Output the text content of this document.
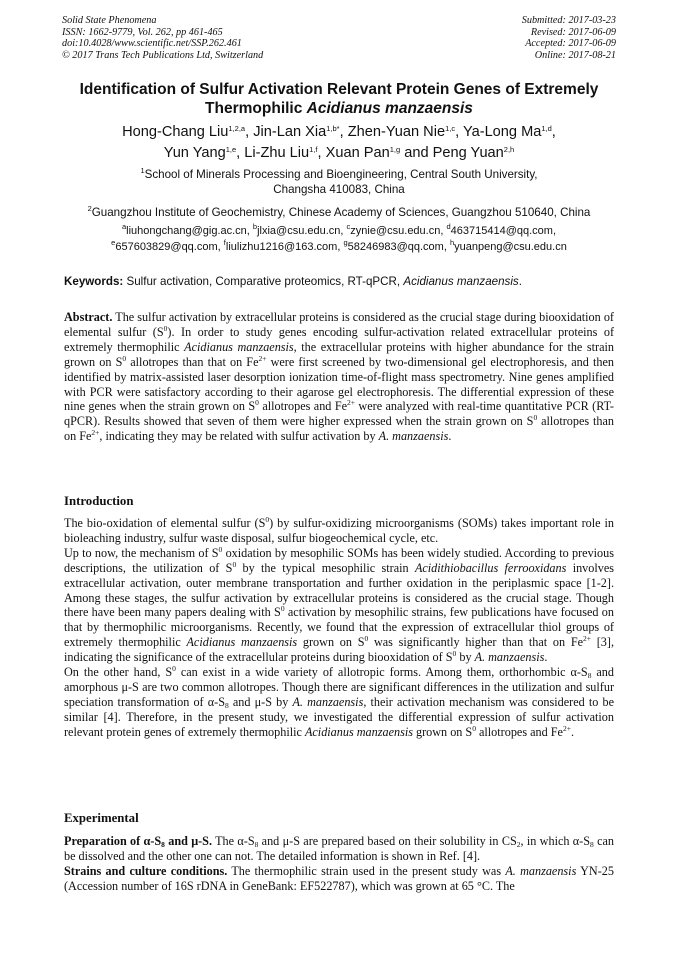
Solid State Phenomena
ISSN: 1662-9779, Vol. 262, pp 461-465
doi:10.4028/www.scientific.net/SSP.262.461
© 2017 Trans Tech Publications Ltd, Switzerland
Submitted: 2017-03-23
Revised: 2017-06-09
Accepted: 2017-06-09
Online: 2017-08-21
Identification of Sulfur Activation Relevant Protein Genes of Extremely
Thermophilic Acidianus manzaensis
Hong-Chang Liu$^{1,2,a}$, Jin-Lan Xia$^{1,b*}$, Zhen-Yuan Nie$^{1,c}$, Ya-Long Ma$^{1,d}$,
Yun Yang$^{1,e}$, Li-Zhu Liu$^{1,f}$, Xuan Pan$^{1,g}$ and Peng Yuan$^{2,h}$
$^1$School of Minerals Processing and Bioengineering, Central South University,
Changsha 410083, China
$^2$Guangzhou Institute of Geochemistry, Chinese Academy of Sciences, Guangzhou 510640, China
$^a$liuhongchang@gig.ac.cn, $^b$jlxia@csu.edu.cn, $^c$zynie@csu.edu.cn, $^d$463715414@qq.com,
$^e$657603829@qq.com, $^f$liulizhu1216@163.com, $^g$58246983@qq.com, $^h$yuanpeng@csu.edu.cn
Keywords: Sulfur activation, Comparative proteomics, RT-qPCR, Acidianus manzaensis.

Abstract. The sulfur activation by extracellular proteins is considered as the crucial stage during biooxidation of elemental sulfur $(S^0)$. In order to study genes encoding sulfur-activation related extracellular proteins of extremely thermophilic Acidianus manzaensis, the extracellular proteins with higher abundance for the strain grown on $S^0$ allotropes than that on $Fe^{2+}$ were first screened by two-dimensional gel electrophoresis, and then identified by matrix-assisted laser desorption ionization time-of-flight mass spectrometry. Nine genes amplified with PCR were satisfactory according to their agarose gel electrophoresis. The differential expression of these nine genes when the strain grown on $S^0$ allotropes and $Fe^{2+}$ were analyzed with real-time quantitative PCR (RT-qPCR). Results showed that seven of them were higher expressed when the strain grown on $S^0$ allotropes than on $Fe^{2+}$, indicating they may be related with sulfur activation by A. manzaensis.

Introduction

The bio-oxidation of elemental sulfur $(S^0)$ by sulfur-oxidizing microorganisms (SOMs) takes important role in bioleaching industry, sulfur waste disposal, sulfur biogeochemical cycle, etc.

Up to now, the mechanism of $S^0$ oxidation by mesophilic SOMs has been widely studied. According to previous descriptions, the utilization of $S^0$ by the typical mesophilic strain Acidithiobacillus ferrooxidans involves extracellular activation, outer membrane transportation and further oxidation in the periplasmic space [1-2]. Among these stages, the sulfur activation by extracellular proteins is considered as the crucial stage. Though there have been many papers dealing with $S^0$ activation by mesophilic strains, few publications have focused on that by thermophilic microorganisms. Recently, we found that the expression of extracellular thiol groups of extremely thermophilic Acidianus manzaensis grown on $S^0$ was significantly higher than that on $Fe^{2+}$ [3], indicating the significance of the extracellular proteins during biooxidation of $S^0$ by A. manzaensis.

On the other hand, $S^0$ can exist in a wide variety of allotropic forms. Among them, orthorhombic $\alpha-S_8$ and amorphous μ-S are two common allotropes. Though there are significant differences in the utilization and sulfur speciation transformation of $\alpha-S_8$ and μ-S by A. manzaensis, their activation mechanism was considered to be similar [4]. Therefore, in the present study, we investigated the differential expression of sulfur activation relevant protein genes of extremely thermophilic Acidianus manzaensis grown on $S^0$ allotropes and $Fe^{2+}$.

Experimental

Preparation of $\alpha-S_8$ and μ-S. The $\alpha-S_8$ and μ-S are prepared based on their solubility in $CS_2$, in which $\alpha-S_8$ can be dissolved and the other one can not. The detailed information is shown in Ref. [4].

Strains and culture conditions. The thermophilic strain used in the present study was A. manzaensis YN-25 (Accession number of 16S rDNA in GeneBank: EF522787), which was grown at 65 °C. The
